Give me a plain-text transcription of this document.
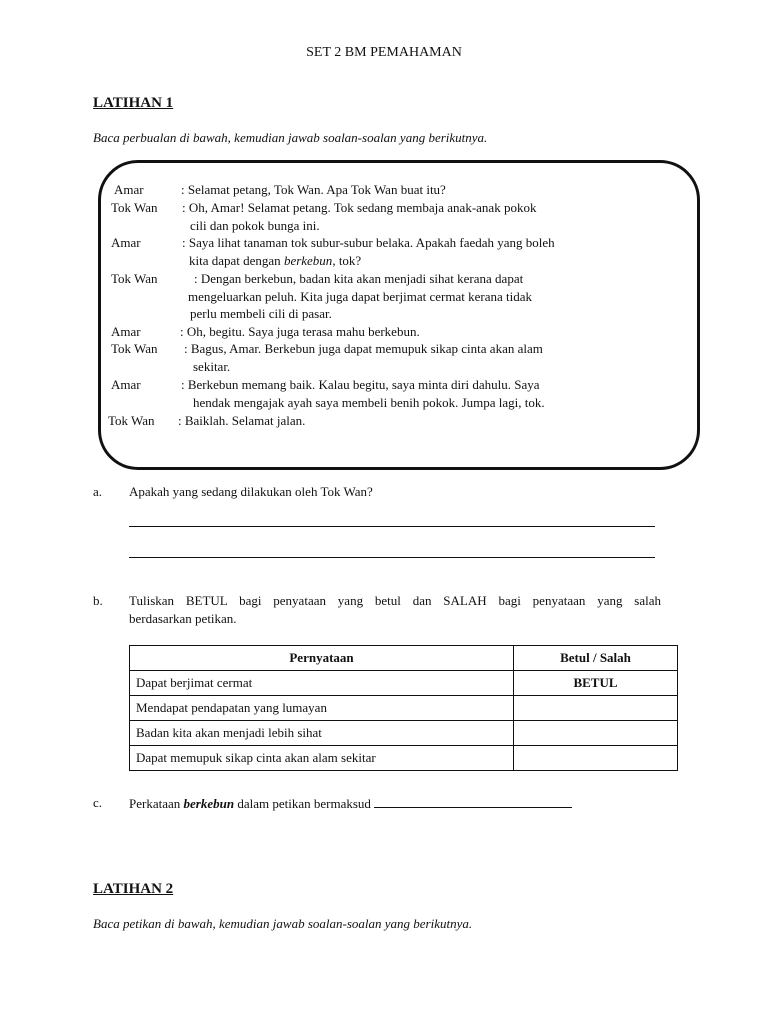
SET 2 BM PEMAHAMAN
LATIHAN 1
Baca perbualan di bawah, kemudian jawab soalan-soalan yang berikutnya.
Amar	: Selamat petang, Tok Wan. Apa Tok Wan buat itu?
Tok Wan : Oh, Amar! Selamat petang. Tok sedang membaja anak-anak pokok
cili dan pokok bunga ini.
Amar	: Saya lihat tanaman tok subur-subur belaka. Apakah faedah yang boleh
kita dapat dengan berkebun, tok?
Tok Wan	: Dengan berkebun, badan kita akan menjadi sihat kerana dapat
mengeluarkan peluh. Kita juga dapat berjimat cermat kerana tidak
perlu membeli cili di pasar.
Amar	: Oh, begitu. Saya juga terasa mahu berkebun.
Tok Wan : Bagus, Amar. Berkebun juga dapat memupuk sikap cinta akan alam
sekitar.
Amar	: Berkebun memang baik. Kalau begitu, saya minta diri dahulu. Saya
hendak mengajak ayah saya membeli benih pokok. Jumpa lagi, tok.
Tok Wan : Baiklah. Selamat jalan.
a. Apakah yang sedang dilakukan oleh Tok Wan?
b. Tuliskan BETUL bagi penyataan yang betul dan SALAH bagi penyataan yang salah
berdasarkan petikan.
Pernyataan	Betul / Salah
Dapat berjimat cermat	BETUL
Mendapat pendapatan yang lumayan	
Badan kita akan menjadi lebih sihat	
Dapat memupuk sikap cinta akan alam sekitar	
c. Perkataan berkebun dalam petikan bermaksud
LATIHAN 2
Baca petikan di bawah, kemudian jawab soalan-soalan yang berikutnya.
